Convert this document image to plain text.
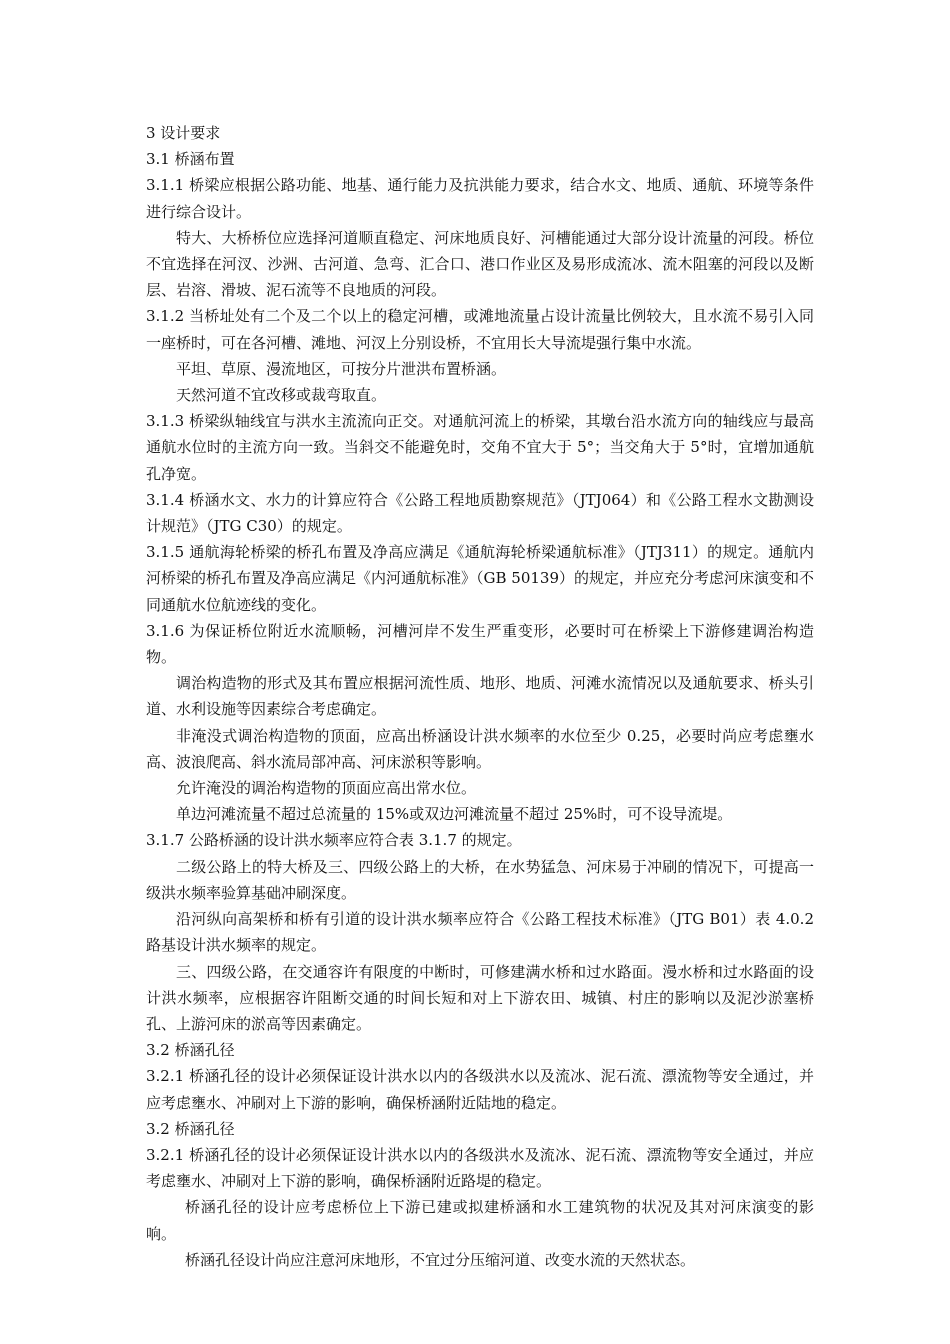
3 设计要求

3.1 桥涵布置

3.1.1 桥梁应根据公路功能、地基、通行能力及抗洪能力要求，结合水文、地质、通航、环境等条件进行综合设计。

特大、大桥桥位应选择河道顺直稳定、河床地质良好、河槽能通过大部分设计流量的河段。桥位不宜选择在河汊、沙洲、古河道、急弯、汇合口、港口作业区及易形成流冰、流木阻塞的河段以及断层、岩溶、滑坡、泥石流等不良地质的河段。

3.1.2 当桥址处有二个及二个以上的稳定河槽，或滩地流量占设计流量比例较大，且水流不易引入同一座桥时，可在各河槽、滩地、河汊上分别设桥，不宜用长大导流堤强行集中水流。

平坦、草原、漫流地区，可按分片泄洪布置桥涵。

天然河道不宜改移或裁弯取直。

3.1.3 桥梁纵轴线宜与洪水主流流向正交。对通航河流上的桥梁，其墩台沿水流方向的轴线应与最高通航水位时的主流方向一致。当斜交不能避免时，交角不宜大于 5°；当交角大于 5°时，宜增加通航孔净宽。

3.1.4 桥涵水文、水力的计算应符合《公路工程地质勘察规范》（JTJ064）和《公路工程水文勘测设计规范》（JTG C30）的规定。

3.1.5 通航海轮桥梁的桥孔布置及净高应满足《通航海轮桥梁通航标准》（JTJ311）的规定。通航内河桥梁的桥孔布置及净高应满足《内河通航标准》（GB 50139）的规定，并应充分考虑河床演变和不同通航水位航迹线的变化。

3.1.6 为保证桥位附近水流顺畅，河槽河岸不发生严重变形，必要时可在桥梁上下游修建调治构造物。

调治构造物的形式及其布置应根据河流性质、地形、地质、河滩水流情况以及通航要求、桥头引道、水利设施等因素综合考虑确定。

非淹没式调治构造物的顶面，应高出桥涵设计洪水频率的水位至少 0.25，必要时尚应考虑壅水高、波浪爬高、斜水流局部冲高、河床淤积等影响。

允许淹没的调治构造物的顶面应高出常水位。

单边河滩流量不超过总流量的 15%或双边河滩流量不超过 25%时，可不设导流堤。

3.1.7 公路桥涵的设计洪水频率应符合表 3.1.7 的规定。

二级公路上的特大桥及三、四级公路上的大桥，在水势猛急、河床易于冲刷的情况下，可提高一级洪水频率验算基础冲刷深度。

沿河纵向高架桥和桥有引道的设计洪水频率应符合《公路工程技术标准》（JTG B01）表 4.0.2 路基设计洪水频率的规定。

三、四级公路，在交通容许有限度的中断时，可修建满水桥和过水路面。漫水桥和过水路面的设计洪水频率，应根据容许阻断交通的时间长短和对上下游农田、城镇、村庄的影响以及泥沙淤塞桥孔、上游河床的淤高等因素确定。

3.2 桥涵孔径

3.2.1 桥涵孔径的设计必须保证设计洪水以内的各级洪水以及流冰、泥石流、漂流物等安全通过，并应考虑壅水、冲刷对上下游的影响，确保桥涵附近陆地的稳定。

3.2 桥涵孔径

3.2.1 桥涵孔径的设计必须保证设计洪水以内的各级洪水及流冰、泥石流、漂流物等安全通过，并应考虑壅水、冲刷对上下游的影响，确保桥涵附近路堤的稳定。

桥涵孔径的设计应考虑桥位上下游已建或拟建桥涵和水工建筑物的状况及其对河床演变的影响。

桥涵孔径设计尚应注意河床地形，不宜过分压缩河道、改变水流的天然状态。
